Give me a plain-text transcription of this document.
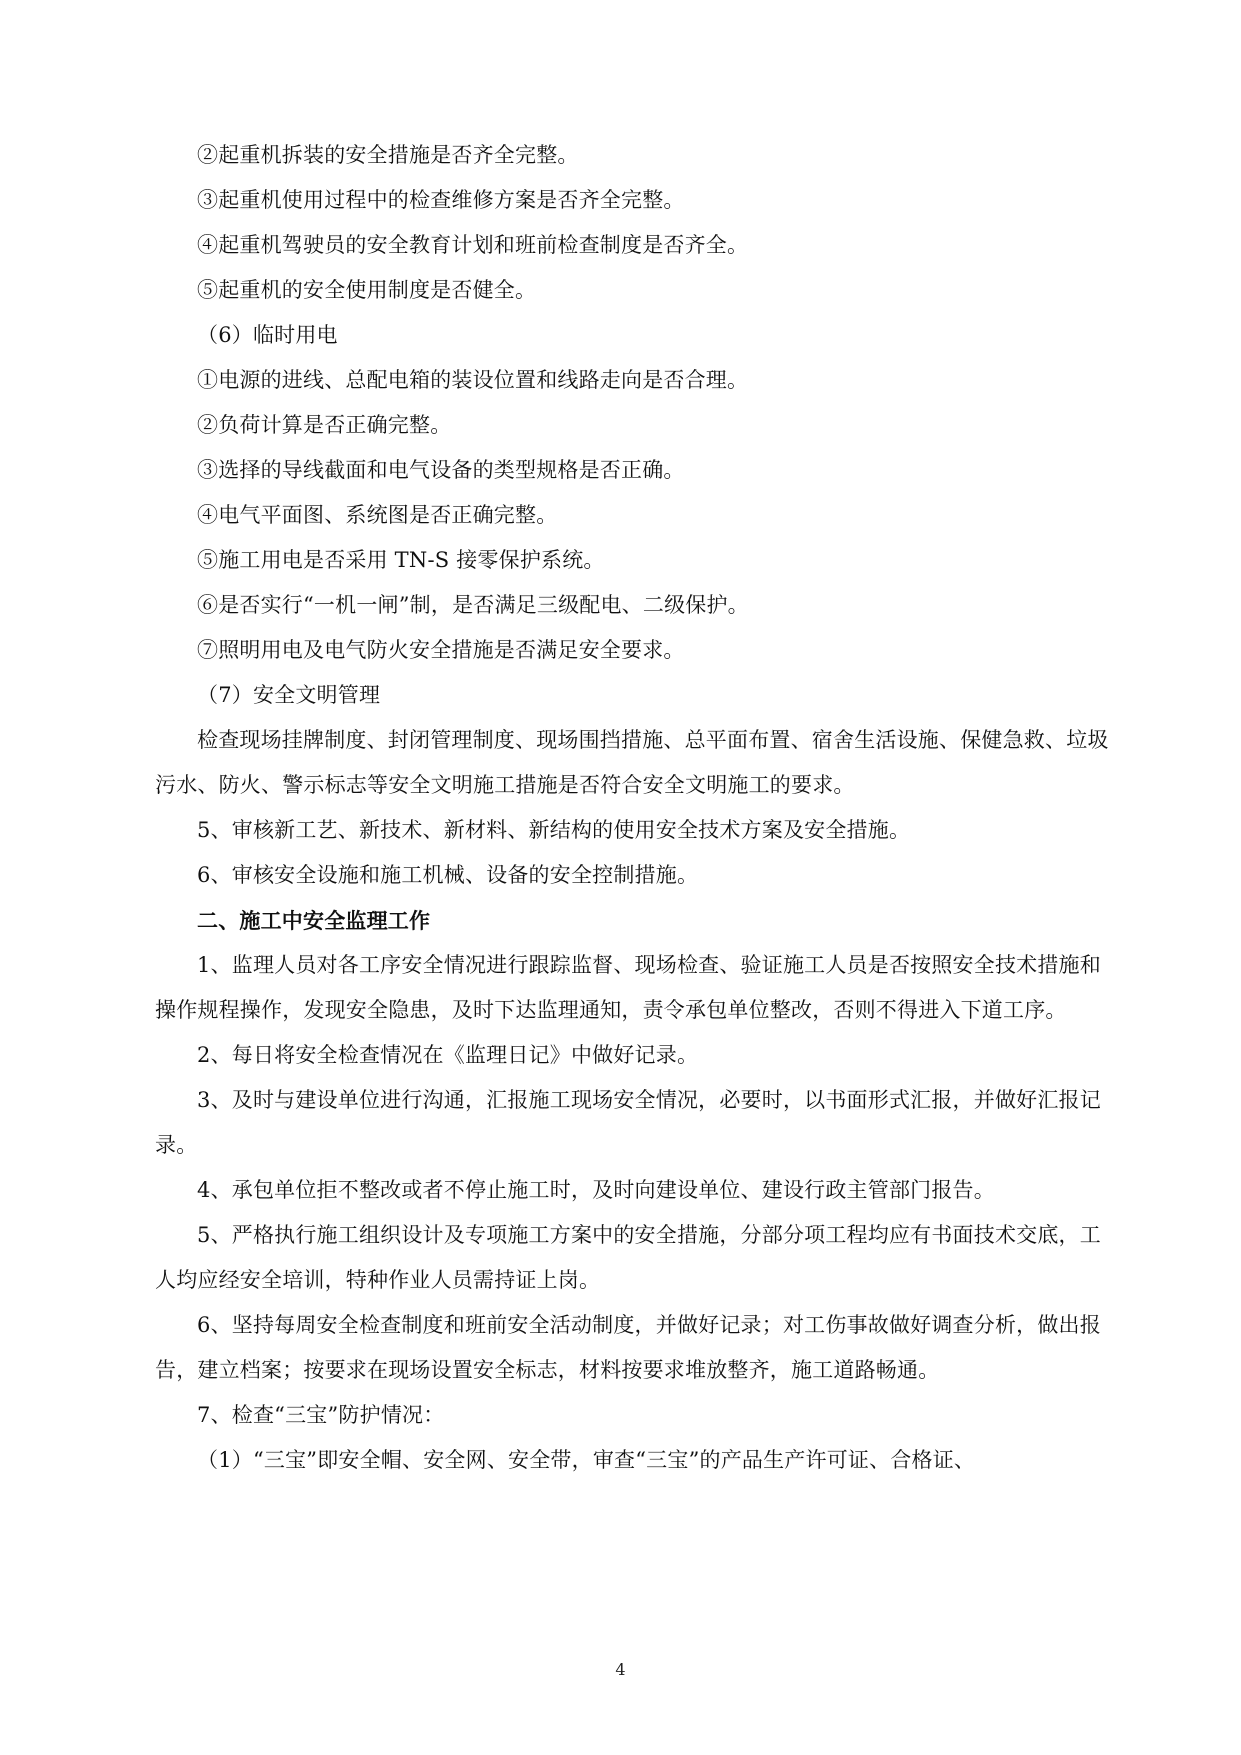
②起重机拆装的安全措施是否齐全完整。

③起重机使用过程中的检查维修方案是否齐全完整。

④起重机驾驶员的安全教育计划和班前检查制度是否齐全。

⑤起重机的安全使用制度是否健全。

（6）临时用电

①电源的进线、总配电箱的装设位置和线路走向是否合理。

②负荷计算是否正确完整。

③选择的导线截面和电气设备的类型规格是否正确。

④电气平面图、系统图是否正确完整。

⑤施工用电是否采用 TN-S 接零保护系统。

⑥是否实行“一机一闸”制，是否满足三级配电、二级保护。

⑦照明用电及电气防火安全措施是否满足安全要求。

（7）安全文明管理

检查现场挂牌制度、封闭管理制度、现场围挡措施、总平面布置、宿舍生活设施、保健急救、垃圾污水、防火、警示标志等安全文明施工措施是否符合安全文明施工的要求。

5、审核新工艺、新技术、新材料、新结构的使用安全技术方案及安全措施。

6、审核安全设施和施工机械、设备的安全控制措施。

二、施工中安全监理工作

1、监理人员对各工序安全情况进行跟踪监督、现场检查、验证施工人员是否按照安全技术措施和操作规程操作，发现安全隐患，及时下达监理通知，责令承包单位整改，否则不得进入下道工序。

2、每日将安全检查情况在《监理日记》中做好记录。

3、及时与建设单位进行沟通，汇报施工现场安全情况，必要时，以书面形式汇报，并做好汇报记录。

4、承包单位拒不整改或者不停止施工时，及时向建设单位、建设行政主管部门报告。

5、严格执行施工组织设计及专项施工方案中的安全措施，分部分项工程均应有书面技术交底，工人均应经安全培训，特种作业人员需持证上岗。

6、坚持每周安全检查制度和班前安全活动制度，并做好记录；对工伤事故做好调查分析，做出报告，建立档案；按要求在现场设置安全标志，材料按要求堆放整齐，施工道路畅通。

7、检查“三宝”防护情况：

（1）“三宝”即安全帽、安全网、安全带，审查“三宝”的产品生产许可证、合格证、

4
